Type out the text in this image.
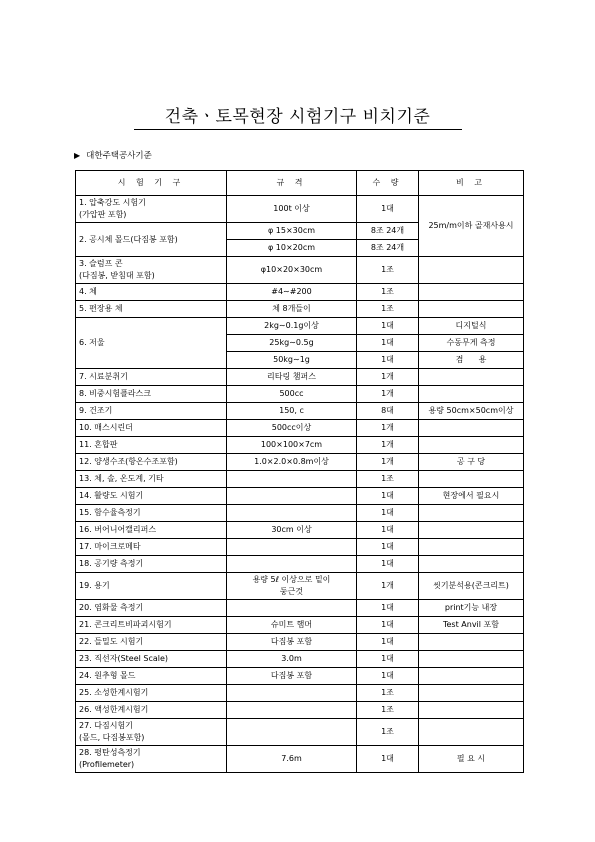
건축ㆍ토목현장 시험기구 비치기준
▶ 대한주택공사기준
시 험 기 구	규 격	수 량	비 고

1. 압축강도 시험기
(가압판 포함)	100t 이상	1대	25m/m이하 골재사용시
2. 공시체 몰드(다짐봉 포함)	φ 15×30cm	8조 24개	
	φ 10×20cm	8조 24개	

3. 슬럼프 콘
(다짐봉, 받침대 포함)	φ10×20×30cm	1조	
4. 체	#4∼#200	1조	
5. 편장용 체	체 8개들이	1조	
6. 저울	2kg∼0.1g이상	1대	디지털식
	25kg∼0.5g	1대	수동무게 측정
	50kg∼1g	1대	겸      용
7. 시료분취기	리타링 챔퍼스	1개	
8. 비중시험플라스크	500cc	1개	
9. 건조기	150, c	8대	용량 50cm×50cm이상
10. 매스시린더	500cc이상	1개	
11. 혼합판	100×100×7cm	1개	
12. 양생수조(항온수조포함)	1.0×2.0×0.8m이상	1개	공 구 당
13. 체, 솔, 온도계, 기타		1조	
14. 활량도 시험기		1대	현장에서 필요시
15. 함수율측정기		1대	
16. 버어니어캘리퍼스	30cm 이상	1대	
17. 마이크로메타		1대	
18. 공기량 측정기		1대	
19. 용기	용량 5ℓ 이상으로 밑이
둥근것	1개	씻기분석용(콘크리트)
20. 염화물 측정기		1대	print기능 내장
21. 콘크리트비파괴시험기	슈미트 햄머	1대	Test Anvil 포함
22. 들밀도 시험기	다짐봉 포함	1대	
23. 직선자(Steel Scale)	3.0m	1대	
24. 원추형 몰드	다짐봉 포함	1대	
25. 소성한계시험기		1조	
26. 액성한계시험기		1조	

27. 다짐시험기
(몰드, 다짐봉포함)		1조	

28. 평탄성측정기
(Profilemeter)	7.6m	1대	필 요 시
